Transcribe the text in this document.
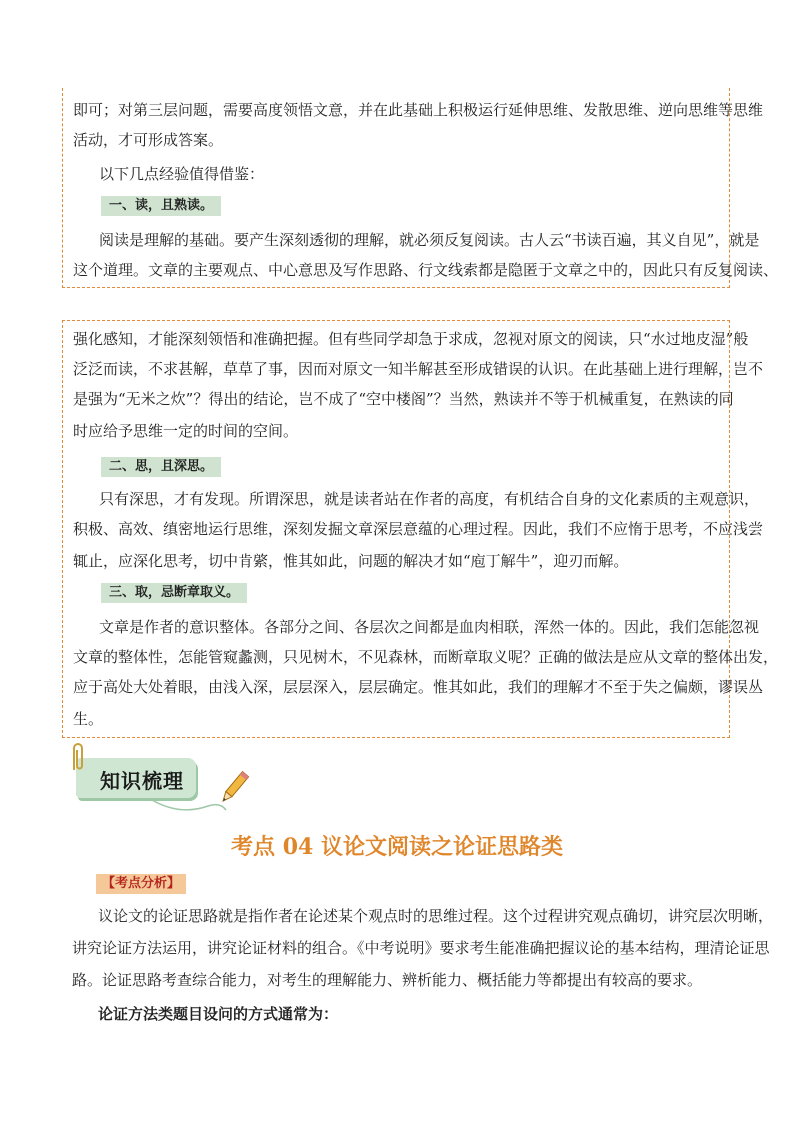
即可；对第三层问题，需要高度领悟文意，并在此基础上积极运行延伸思维、发散思维、逆向思维等思维
活动，才可形成答案。
以下几点经验值得借鉴：
一、读，且熟读。
阅读是理解的基础。要产生深刻透彻的理解，就必须反复阅读。古人云“书读百遍，其义自见”，就是
这个道理。文章的主要观点、中心意思及写作思路、行文线索都是隐匿于文章之中的，因此只有反复阅读、
强化感知，才能深刻领悟和准确把握。但有些同学却急于求成，忽视对原文的阅读，只“水过地皮湿”般
泛泛而读，不求甚解，草草了事，因而对原文一知半解甚至形成错误的认识。在此基础上进行理解，岂不
是强为“无米之炊”？得出的结论，岂不成了“空中楼阁”？当然，熟读并不等于机械重复，在熟读的同
时应给予思维一定的时间的空间。
二、思，且深思。
只有深思，才有发现。所谓深思，就是读者站在作者的高度，有机结合自身的文化素质的主观意识，
积极、高效、缜密地运行思维，深刻发掘文章深层意蕴的心理过程。因此，我们不应惰于思考，不应浅尝
辄止，应深化思考，切中肯綮，惟其如此，问题的解决才如“庖丁解牛”，迎刃而解。
三、取，忌断章取义。
文章是作者的意识整体。各部分之间、各层次之间都是血肉相联，浑然一体的。因此，我们怎能忽视
文章的整体性，怎能管窥蠡测，只见树木，不见森林，而断章取义呢？正确的做法是应从文章的整体出发，
应于高处大处着眼，由浅入深，层层深入，层层确定。惟其如此，我们的理解才不至于失之偏颇，谬误丛
生。
知识梳理
考点 04 议论文阅读之论证思路类
【考点分析】
议论文的论证思路就是指作者在论述某个观点时的思维过程。这个过程讲究观点确切，讲究层次明晰，
讲究论证方法运用，讲究论证材料的组合。《中考说明》要求考生能准确把握议论的基本结构，理清论证思
路。论证思路考查综合能力，对考生的理解能力、辨析能力、概括能力等都提出有较高的要求。
论证方法类题目设问的方式通常为：
